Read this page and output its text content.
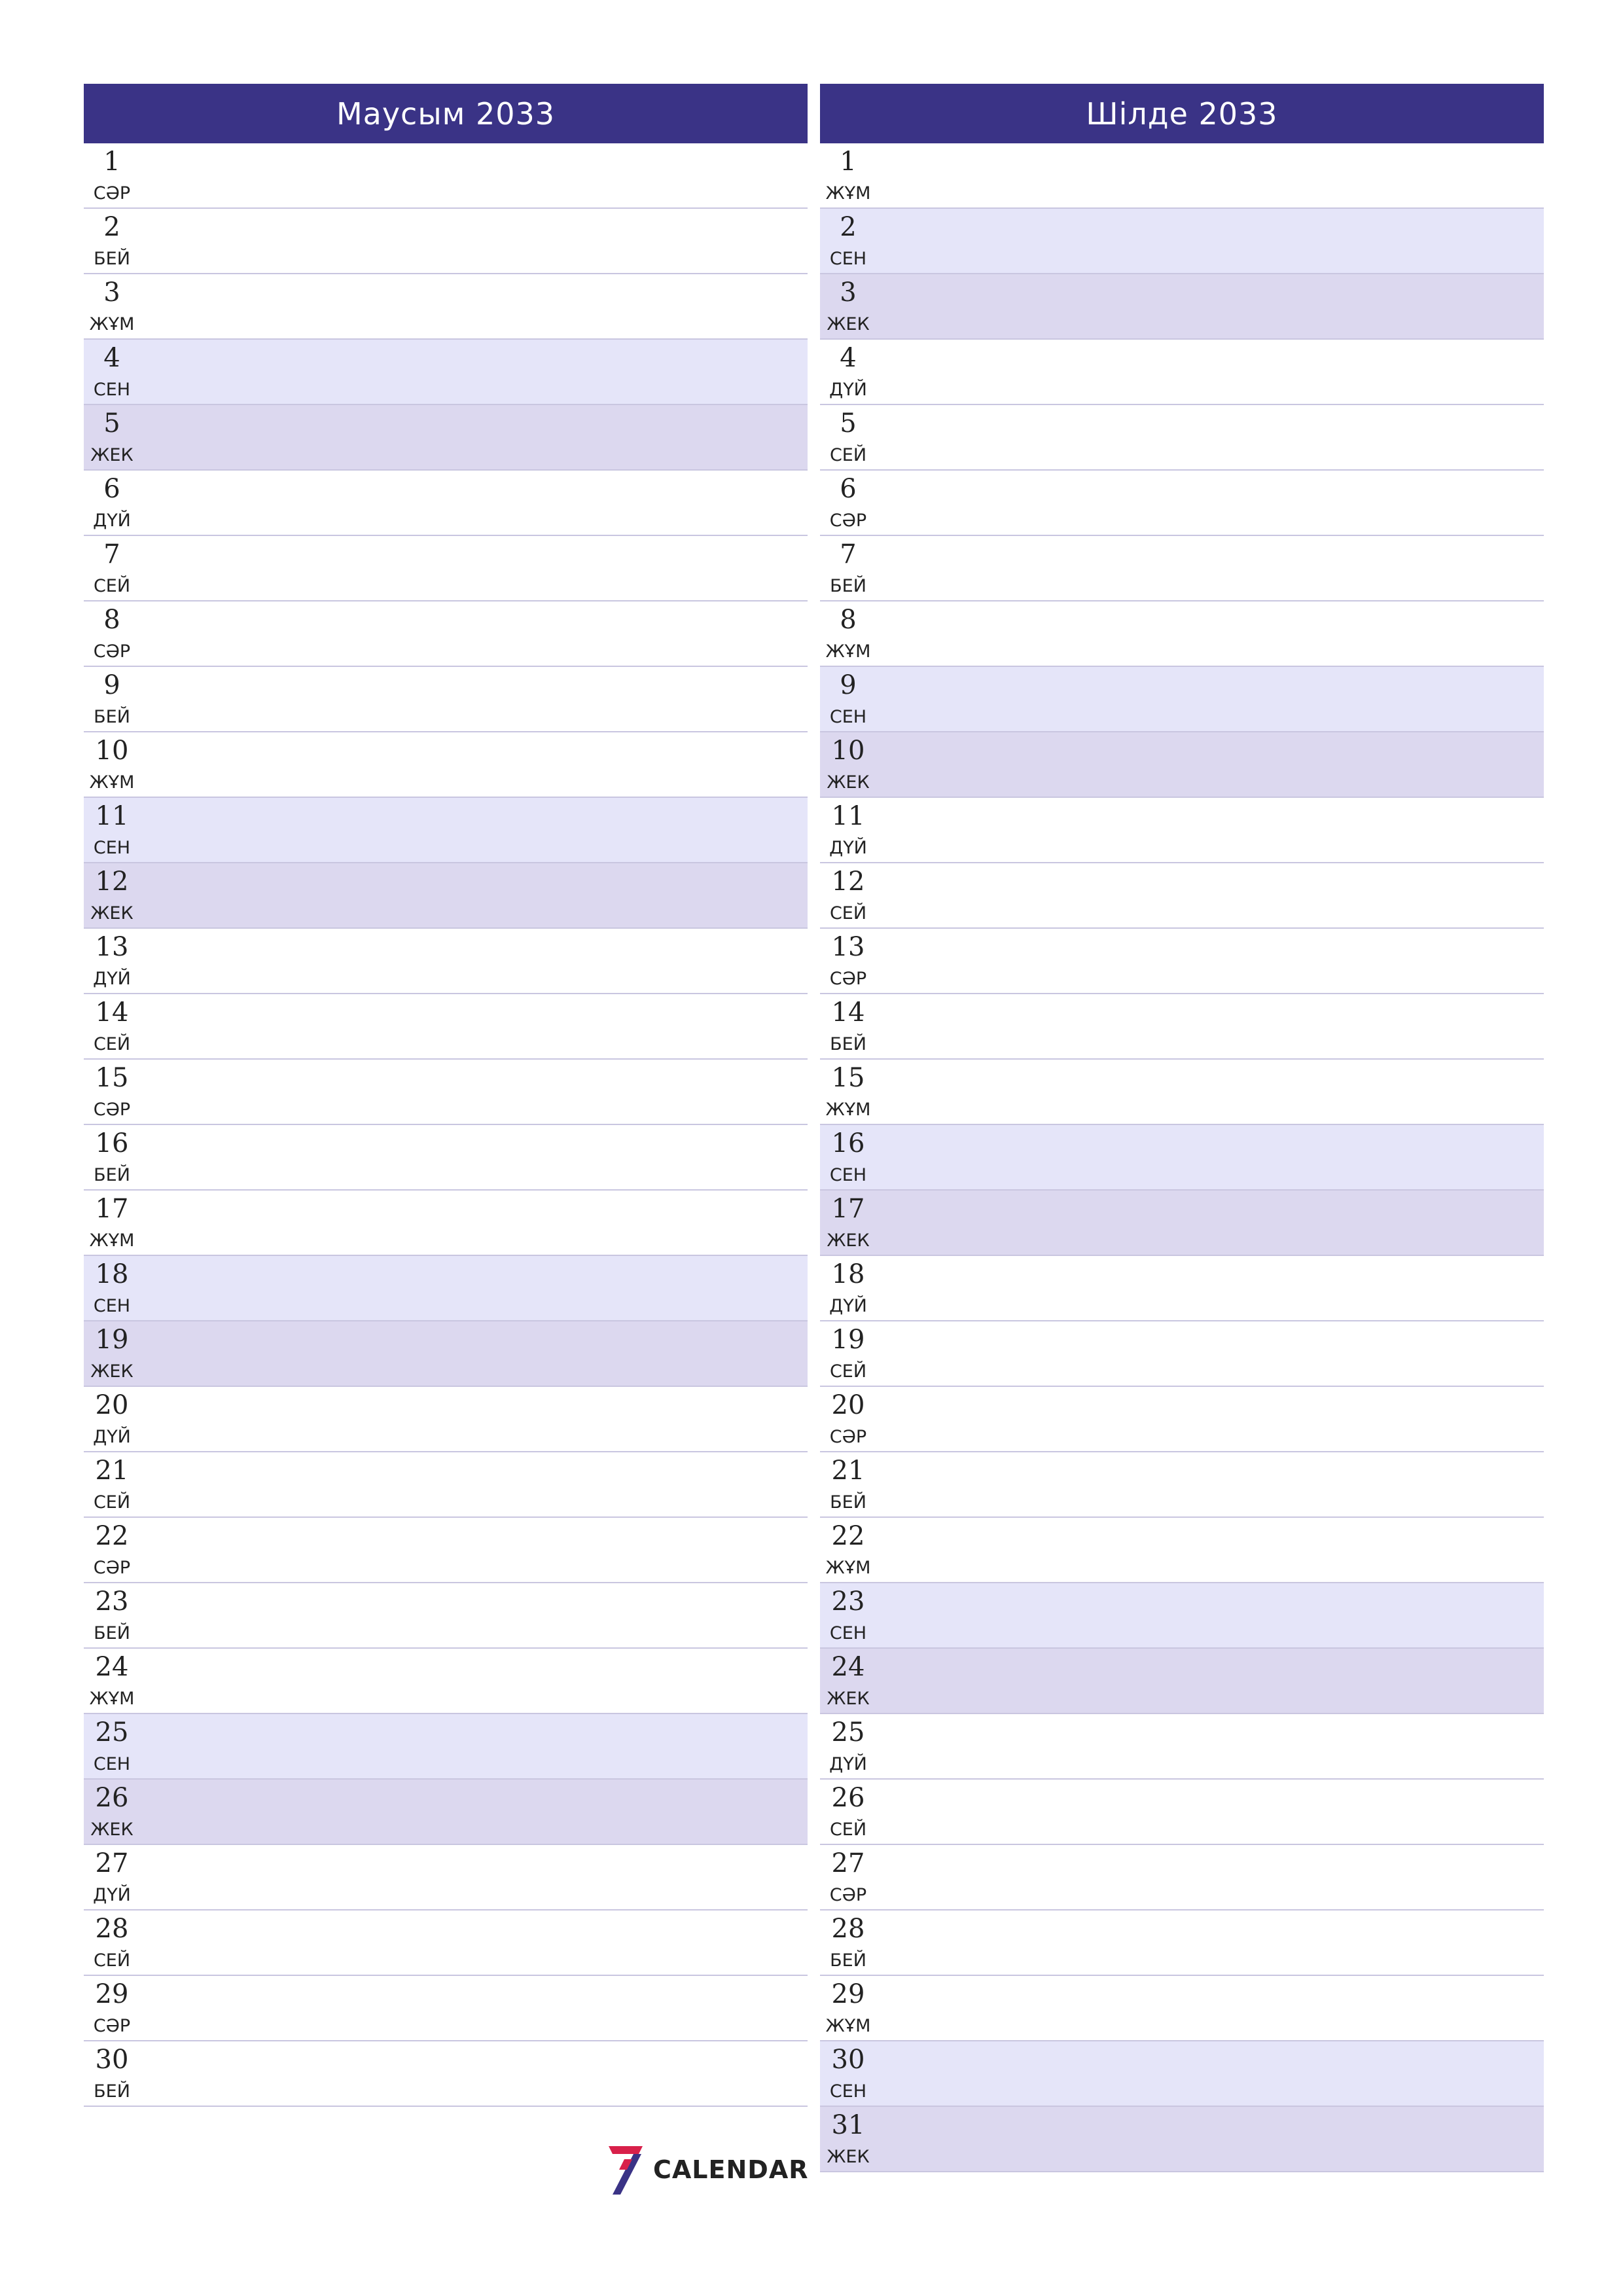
Маусым 2033
1
СӘР
2
БЕЙ
3
ЖҰМ
4
СЕН
5
ЖЕК
6
ДҮЙ
7
СЕЙ
8
СӘР
9
БЕЙ
10
ЖҰМ
11
СЕН
12
ЖЕК
13
ДҮЙ
14
СЕЙ
15
СӘР
16
БЕЙ
17
ЖҰМ
18
СЕН
19
ЖЕК
20
ДҮЙ
21
СЕЙ
22
СӘР
23
БЕЙ
24
ЖҰМ
25
СЕН
26
ЖЕК
27
ДҮЙ
28
СЕЙ
29
СӘР
30
БЕЙ
Шілде 2033
1
ЖҰМ
2
СЕН
3
ЖЕК
4
ДҮЙ
5
СЕЙ
6
СӘР
7
БЕЙ
8
ЖҰМ
9
СЕН
10
ЖЕК
11
ДҮЙ
12
СЕЙ
13
СӘР
14
БЕЙ
15
ЖҰМ
16
СЕН
17
ЖЕК
18
ДҮЙ
19
СЕЙ
20
СӘР
21
БЕЙ
22
ЖҰМ
23
СЕН
24
ЖЕК
25
ДҮЙ
26
СЕЙ
27
СӘР
28
БЕЙ
29
ЖҰМ
30
СЕН
31
ЖЕК
CALENDAR
